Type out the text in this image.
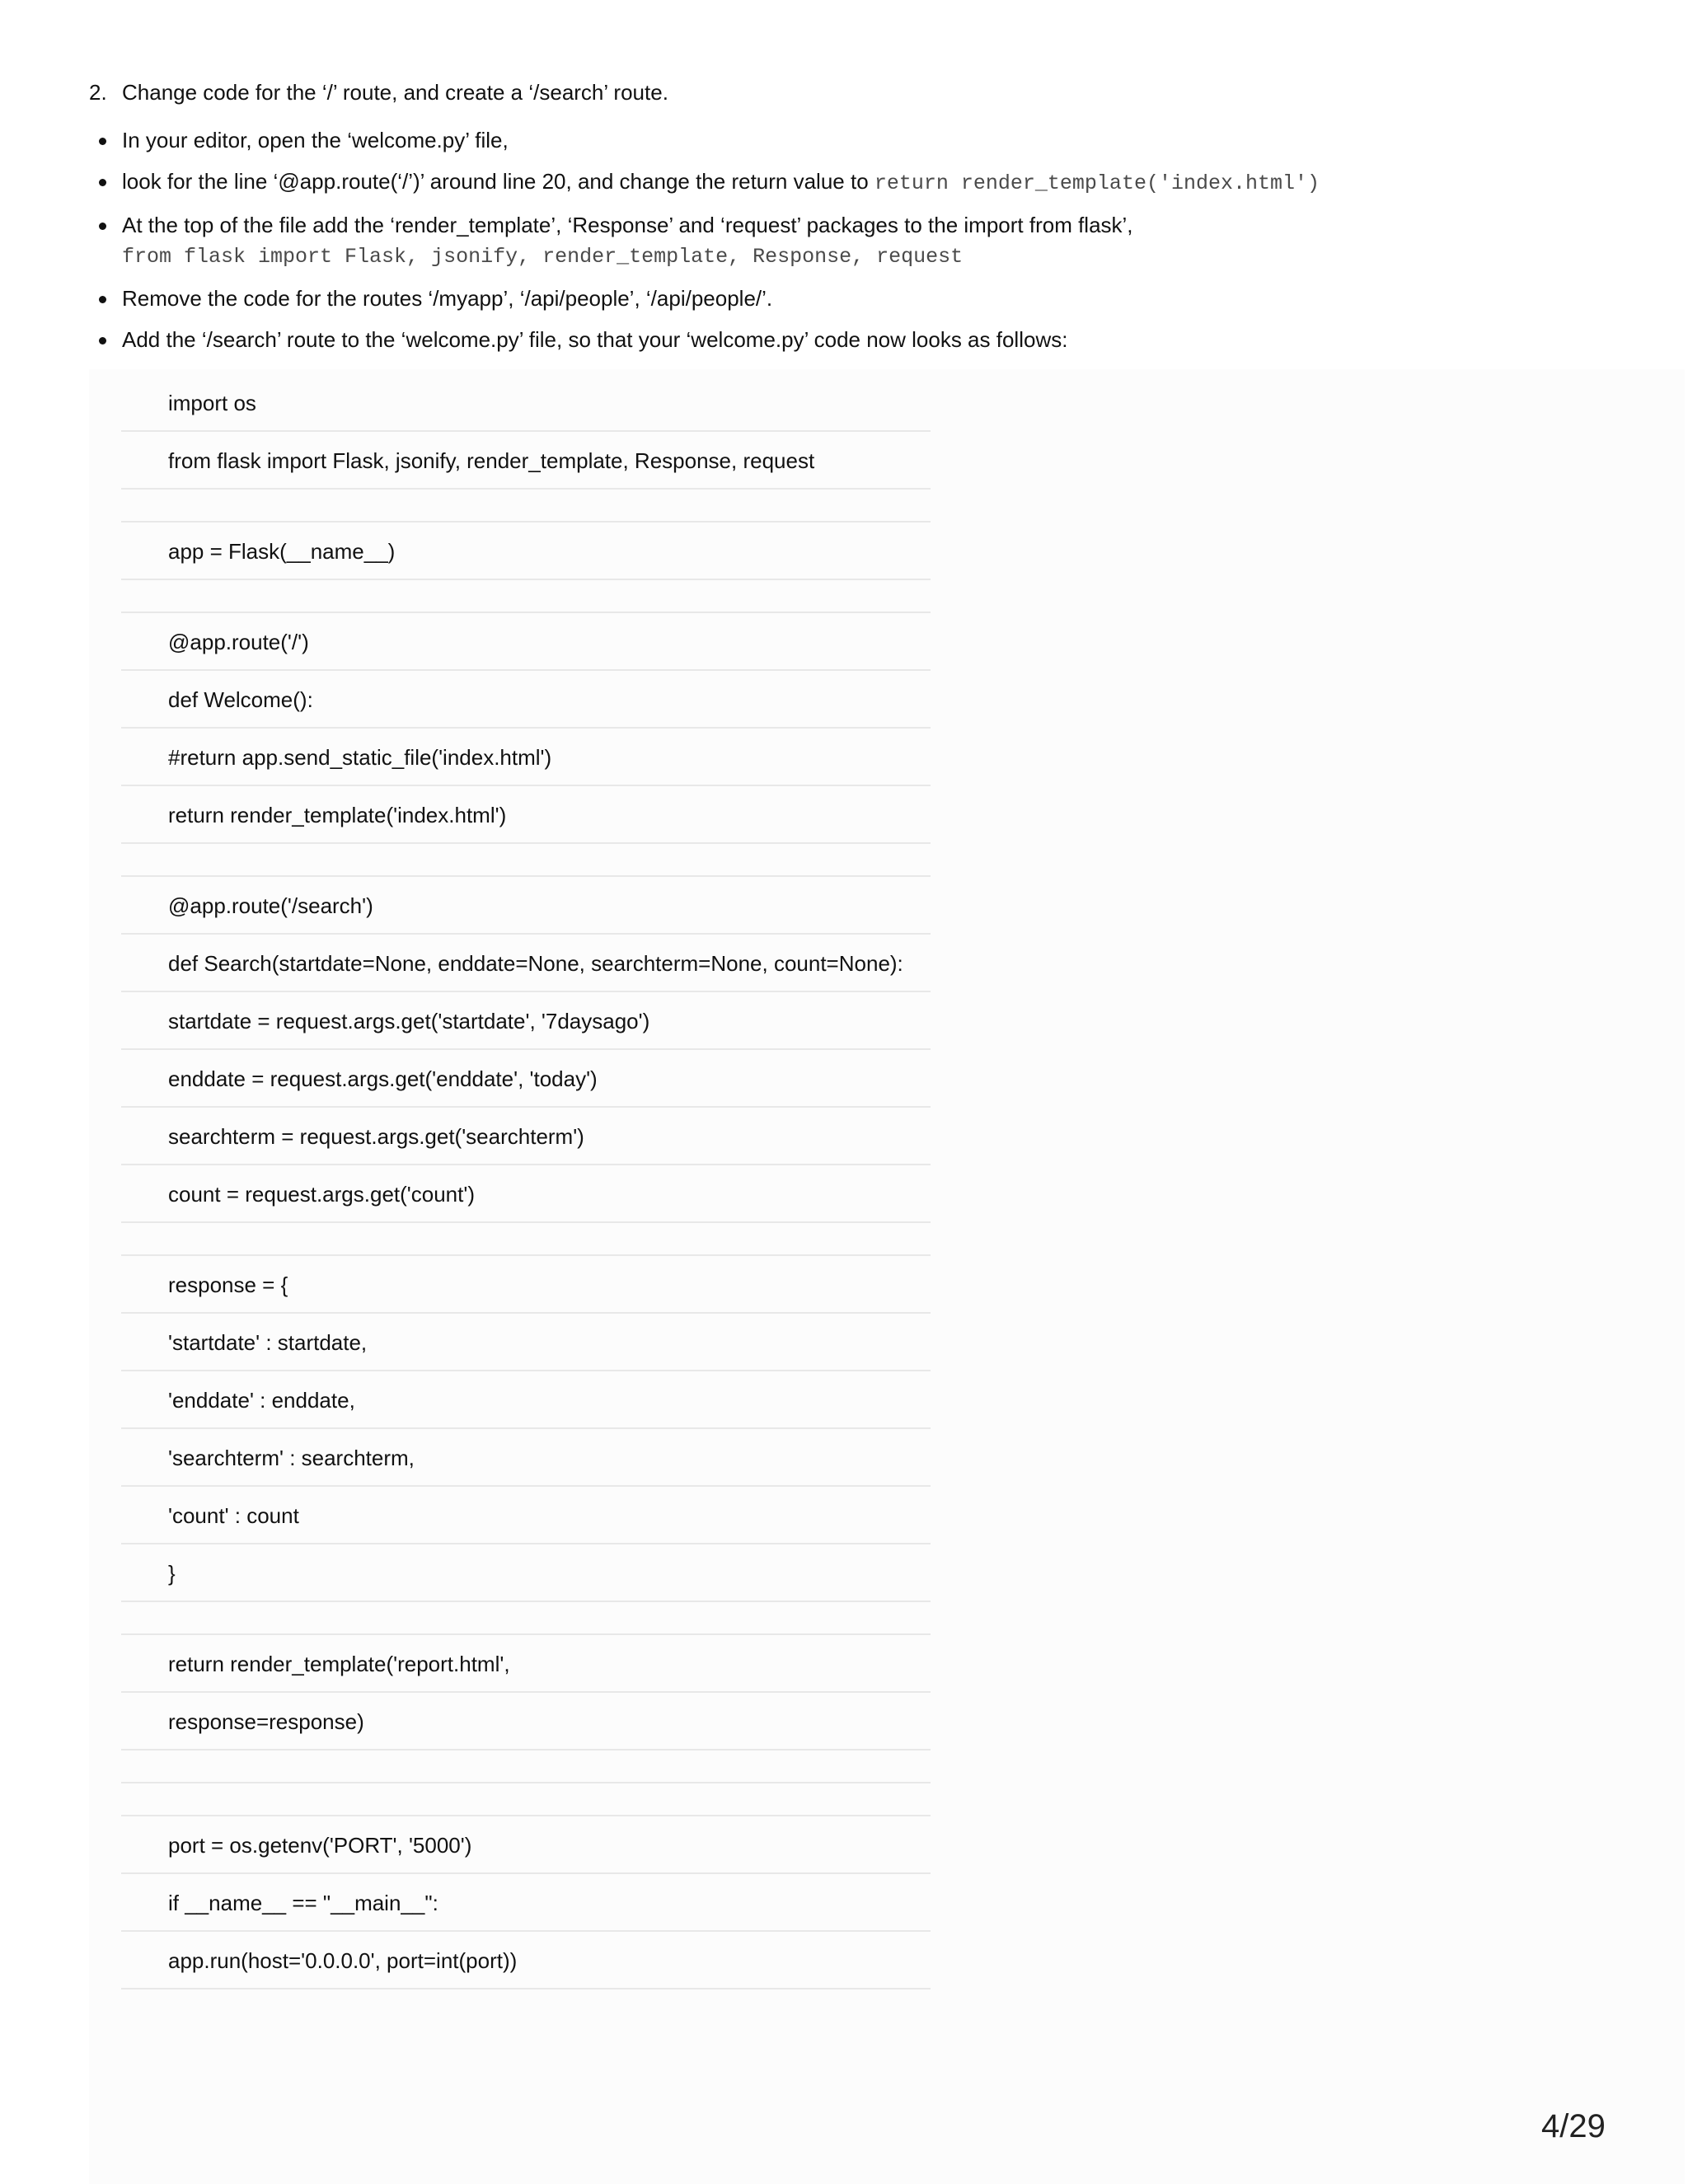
2. Change code for the ‘/’ route, and create a ‘/search’ route.
In your editor, open the ‘welcome.py’ file,
look for the line ‘@app.route(‘/’)’ around line 20, and change the return value to return render_template('index.html')
At the top of the file add the ‘render_template’, ‘Response’ and ‘request’ packages to the import from flask’,
from flask import Flask, jsonify, render_template, Response, request
Remove the code for the routes ‘/myapp’, ‘/api/people’, ‘/api/people/’.
Add the ‘/search’ route to the ‘welcome.py’ file, so that your ‘welcome.py’ code now looks as follows:
import os
from flask import Flask, jsonify, render_template, Response, request
app = Flask(__name__)
@app.route('/')
def Welcome():
#return app.send_static_file('index.html')
return render_template('index.html')
@app.route('/search')
def Search(startdate=None, enddate=None, searchterm=None, count=None):
startdate = request.args.get('startdate', '7daysago')
enddate = request.args.get('enddate', 'today')
searchterm = request.args.get('searchterm')
count = request.args.get('count')
response = {
'startdate' : startdate,
'enddate' : enddate,
'searchterm' : searchterm,
'count' : count
}
return render_template('report.html',
response=response)
port = os.getenv('PORT', '5000')
if __name__ == "__main__":
app.run(host='0.0.0.0', port=int(port))
4/29
